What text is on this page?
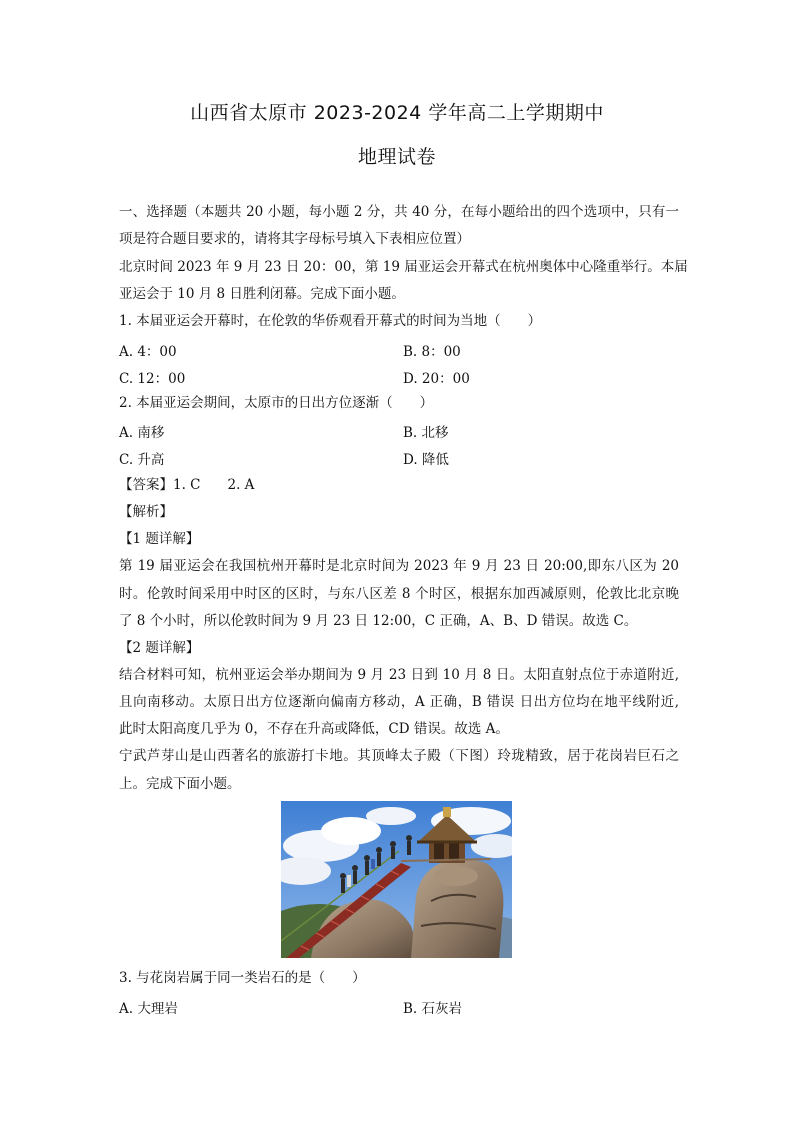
山西省太原市 2023-2024 学年高二上学期期中
地理试卷
一、选择题（本题共 20 小题，每小题 2 分，共 40 分，在每小题给出的四个选项中，只有一
项是符合题目要求的，请将其字母标号填入下表相应位置）
北京时间 2023 年 9 月 23 日 20：00，第 19 届亚运会开幕式在杭州奥体中心隆重举行。本届
亚运会于 10 月 8 日胜利闭幕。完成下面小题。
1. 本届亚运会开幕时，在伦敦的华侨观看开幕式的时间为当地（　　）
A. 4：00	B. 8：00
C. 12：00	D. 20：00
2. 本届亚运会期间，太原市的日出方位逐渐（　　）
A. 南移	B. 北移
C. 升高	D. 降低
【答案】1. C　　2. A
【解析】
【1 题详解】
第 19 届亚运会在我国杭州开幕时是北京时间为 2023 年 9 月 23 日 20:00,即东八区为 20
时。伦敦时间采用中时区的区时，与东八区差 8 个时区，根据东加西减原则，伦敦比北京晚
了 8 个小时，所以伦敦时间为 9 月 23 日 12:00，C 正确，A、B、D 错误。故选 C。
【2 题详解】
结合材料可知，杭州亚运会举办期间为 9 月 23 日到 10 月 8 日。太阳直射点位于赤道附近,
且向南移动。太原日出方位逐渐向偏南方移动，A 正确，B 错误 日出方位均在地平线附近,
此时太阳高度几乎为 0，不存在升高或降低，CD 错误。故选 A。
宁武芦芽山是山西著名的旅游打卡地。其顶峰太子殿（下图）玲珑精致，居于花岗岩巨石之
上。完成下面小题。
3. 与花岗岩属于同一类岩石的是（　　）
A. 大理岩	B. 石灰岩
